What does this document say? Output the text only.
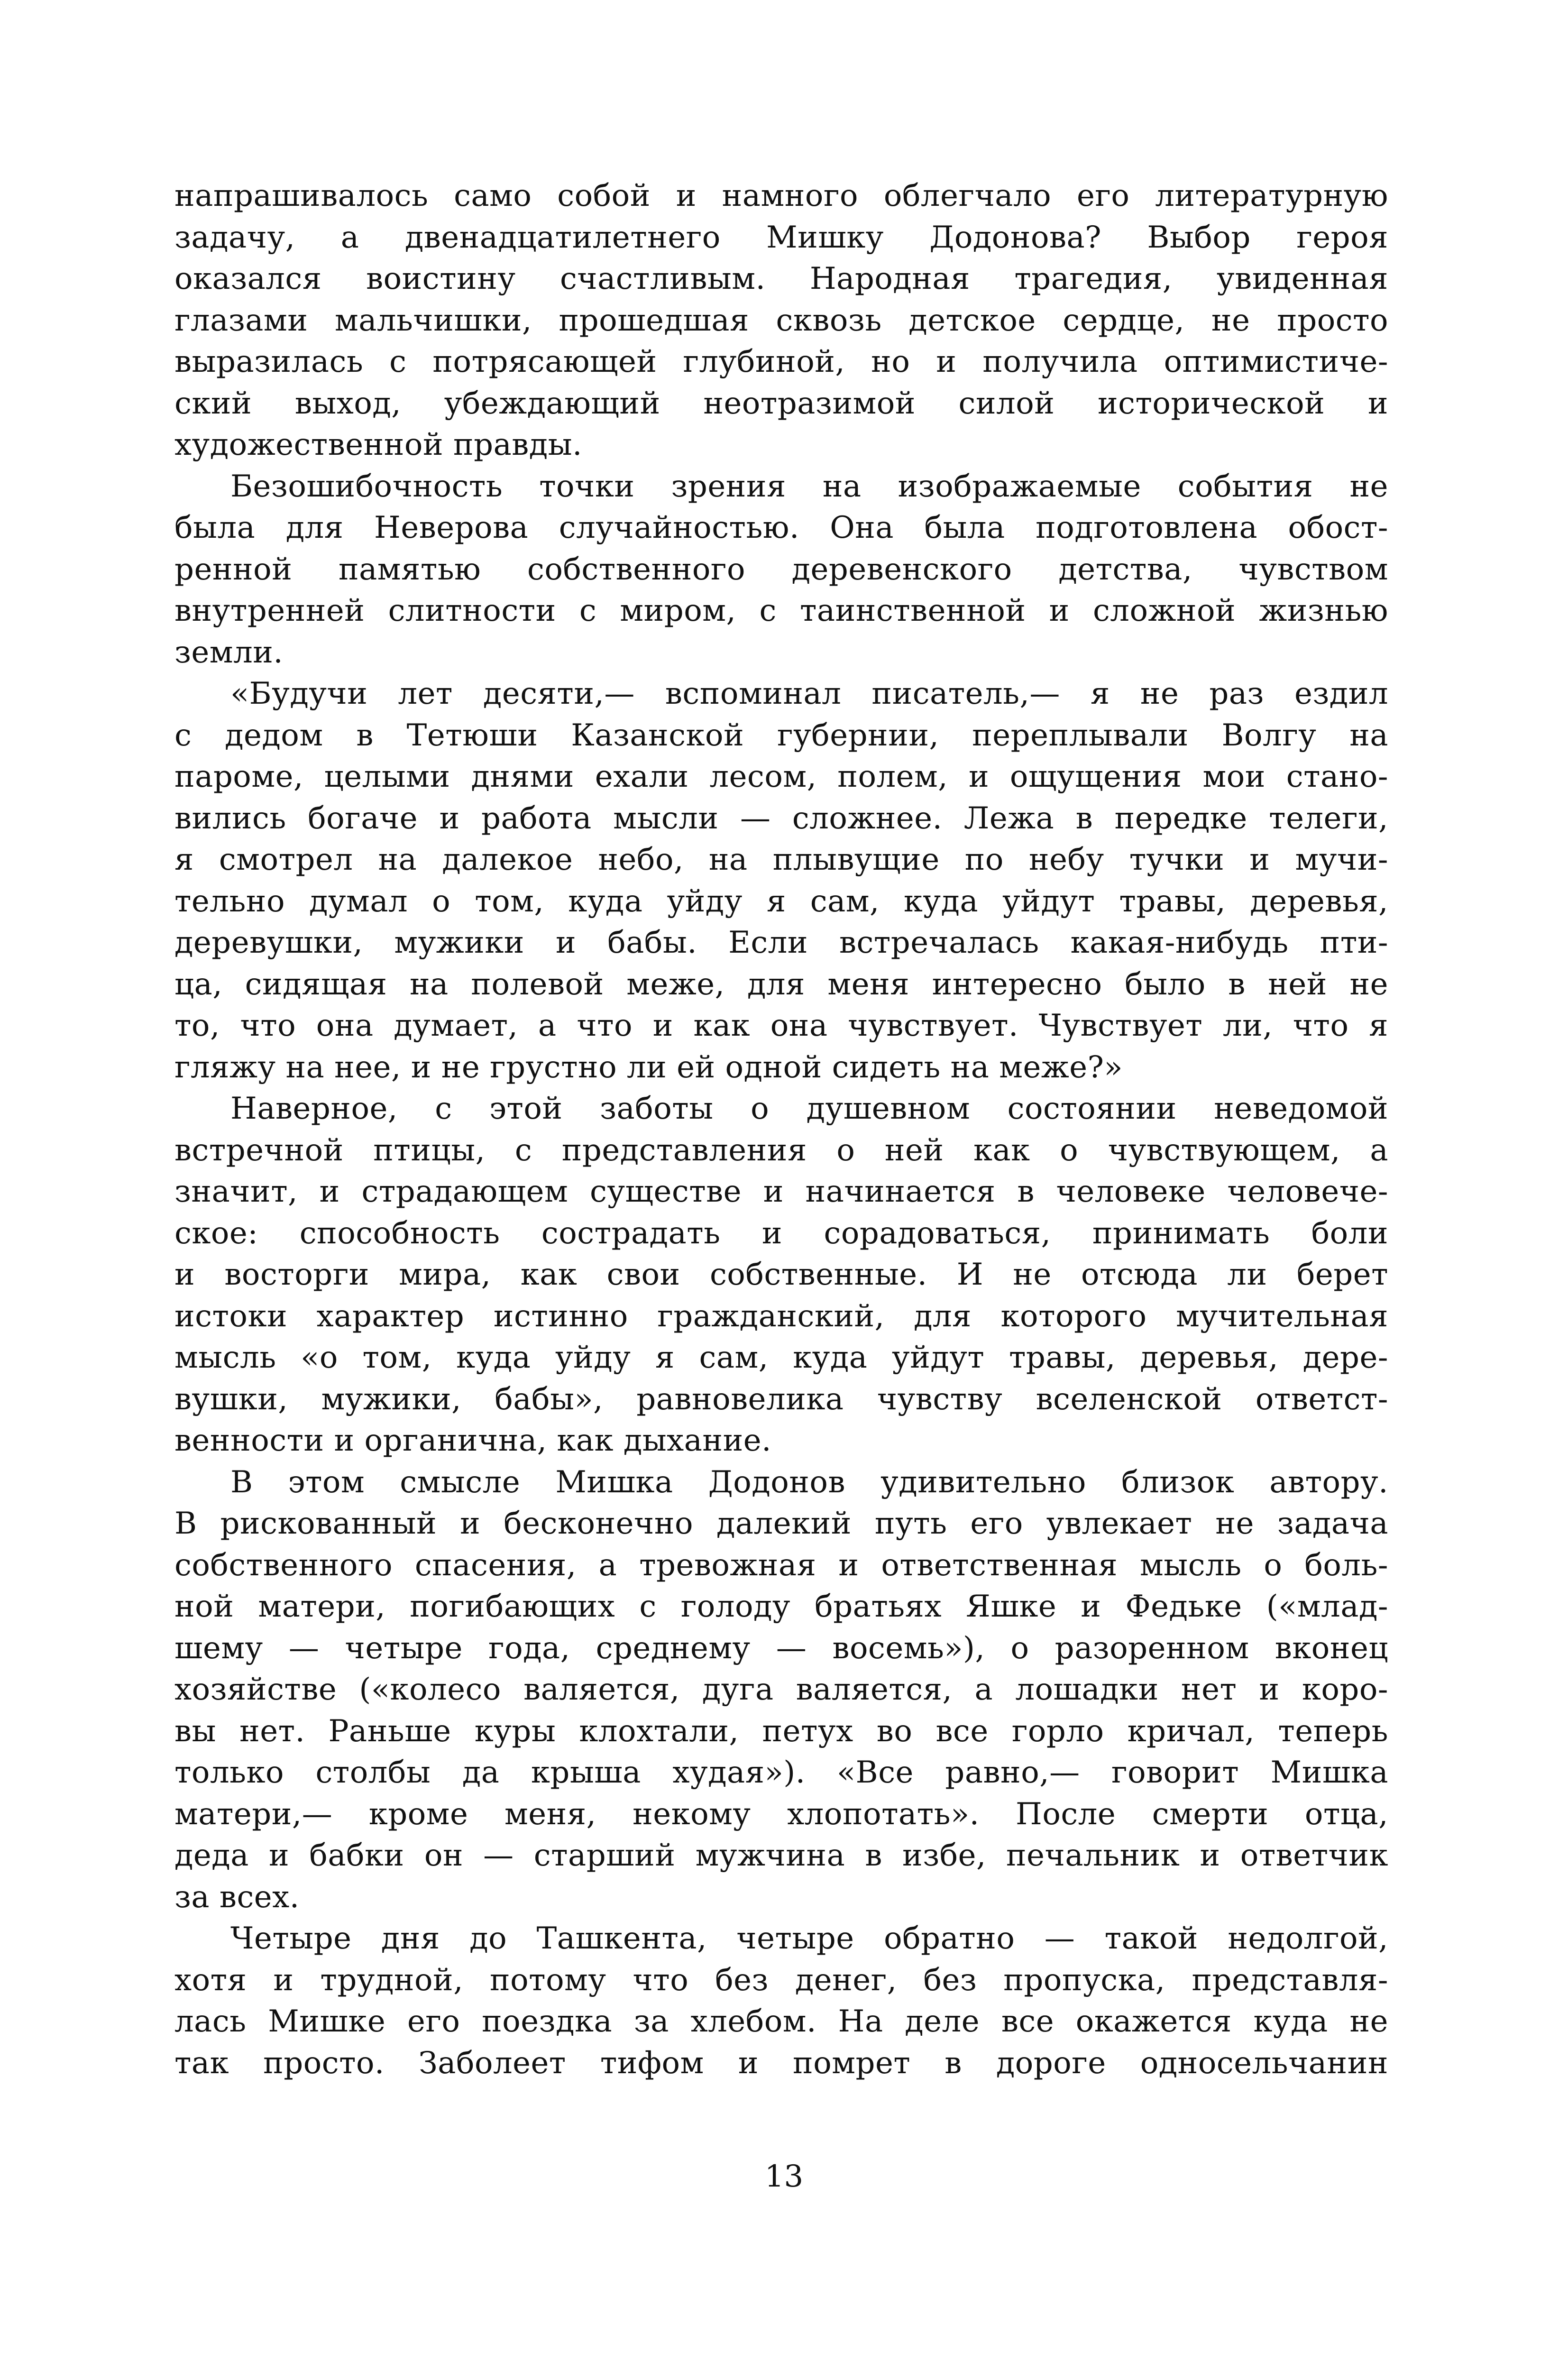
напрашивалось само собой и намного облегчало его литературную
задачу, а двенадцатилетнего Мишку Додонова? Выбор героя
оказался воистину счастливым. Народная трагедия, увиденная
глазами мальчишки, прошедшая сквозь детское сердце, не просто
выразилась с потрясающей глубиной, но и получила оптимистиче-
ский выход, убеждающий неотразимой силой исторической и
художественной правды.
Безошибочность точки зрения на изображаемые события не
была для Неверова случайностью. Она была подготовлена обост-
ренной памятью собственного деревенского детства, чувством
внутренней слитности с миром, с таинственной и сложной жизнью
земли.
«Будучи лет десяти,— вспоминал писатель,— я не раз ездил
с дедом в Тетюши Казанской губернии, переплывали Волгу на
пароме, целыми днями ехали лесом, полем, и ощущения мои стано-
вились богаче и работа мысли — сложнее. Лежа в передке телеги,
я смотрел на далекое небо, на плывущие по небу тучки и мучи-
тельно думал о том, куда уйду я сам, куда уйдут травы, деревья,
деревушки, мужики и бабы. Если встречалась какая-нибудь пти-
ца, сидящая на полевой меже, для меня интересно было в ней не
то, что она думает, а что и как она чувствует. Чувствует ли, что я
гляжу на нее, и не грустно ли ей одной сидеть на меже?»
Наверное, с этой заботы о душевном состоянии неведомой
встречной птицы, с представления о ней как о чувствующем, а
значит, и страдающем существе и начинается в человеке человече-
ское: способность сострадать и сорадоваться, принимать боли
и восторги мира, как свои собственные. И не отсюда ли берет
истоки характер истинно гражданский, для которого мучительная
мысль «о том, куда уйду я сам, куда уйдут травы, деревья, дере-
вушки, мужики, бабы», равновелика чувству вселенской ответст-
венности и органична, как дыхание.
В этом смысле Мишка Додонов удивительно близок автору.
В рискованный и бесконечно далекий путь его увлекает не задача
собственного спасения, а тревожная и ответственная мысль о боль-
ной матери, погибающих с голоду братьях Яшке и Федьке («млад-
шему — четыре года, среднему — восемь»), о разоренном вконец
хозяйстве («колесо валяется, дуга валяется, а лошадки нет и коро-
вы нет. Раньше куры клохтали, петух во все горло кричал, теперь
только столбы да крыша худая»). «Все равно,— говорит Мишка
матери,— кроме меня, некому хлопотать». После смерти отца,
деда и бабки он — старший мужчина в избе, печальник и ответчик
за всех.
Четыре дня до Ташкента, четыре обратно — такой недолгой,
хотя и трудной, потому что без денег, без пропуска, представля-
лась Мишке его поездка за хлебом. На деле все окажется куда не
так просто. Заболеет тифом и помрет в дороге односельчанин
13
